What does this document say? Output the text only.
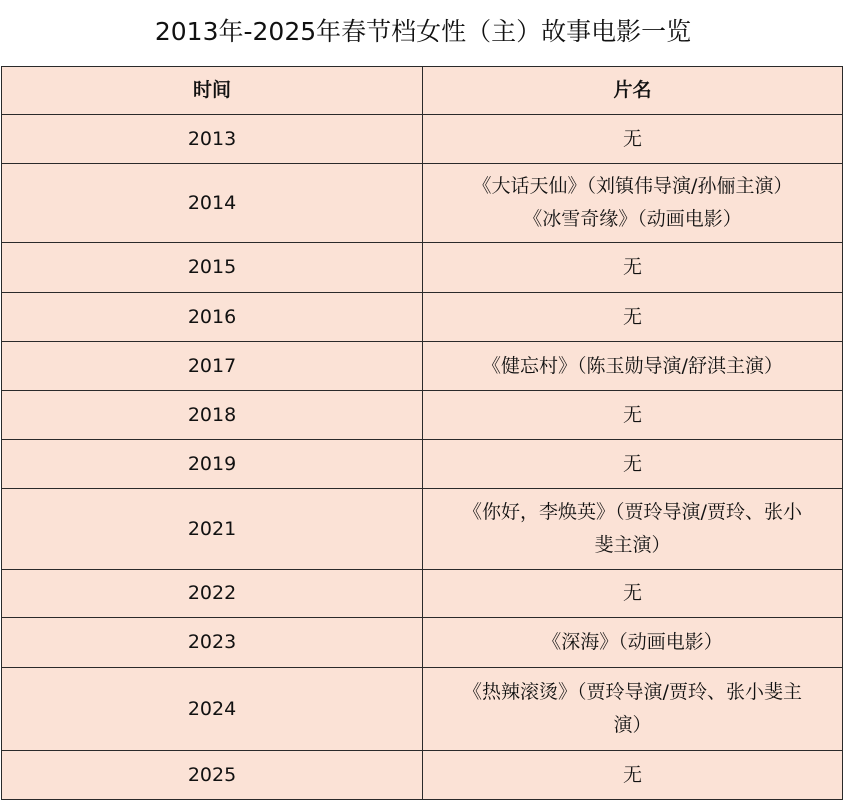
2013年-2025年春节档女性（主）故事电影一览
时间	片名
2013	无

2014	《大话天仙》（刘镇伟导演/孙俪主演）
《冰雪奇缘》（动画电影）

2015	无

2016	无

2017	《健忘村》（陈玉勋导演/舒淇主演）

2018	无

2019	无

2021	《你好，李焕英》（贾玲导演/贾玲、张小
斐主演）

2022	无

2023	《深海》（动画电影）

2024	《热辣滚烫》（贾玲导演/贾玲、张小斐主
演）

2025	无
